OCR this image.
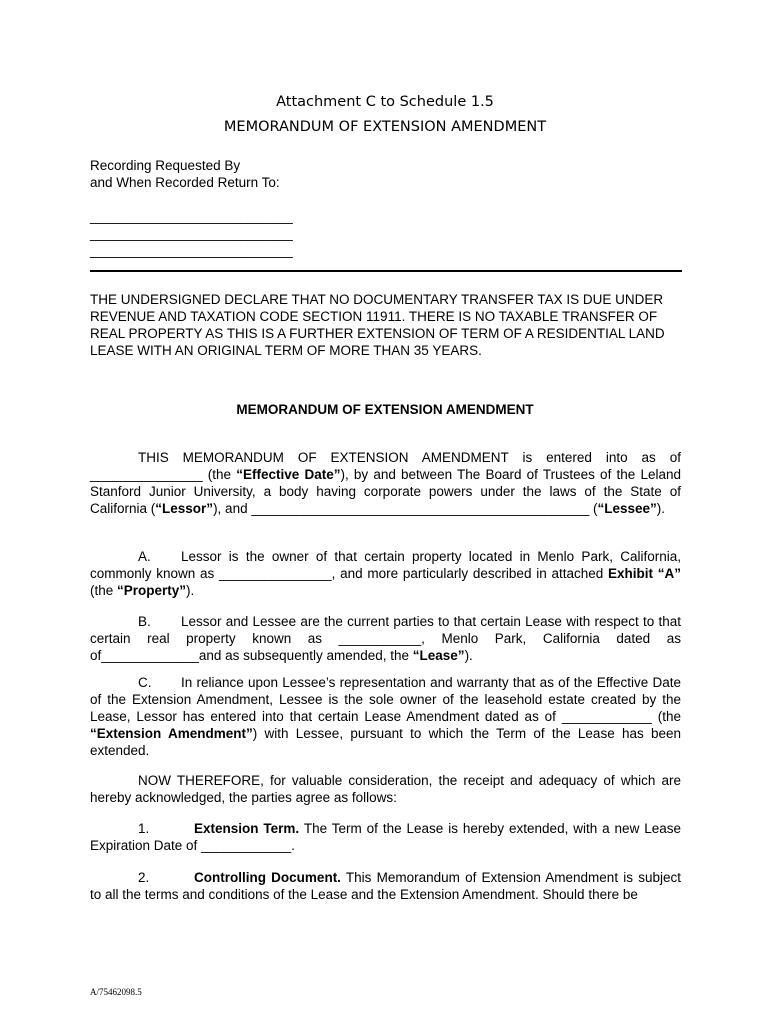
Attachment C to Schedule 1.5
MEMORANDUM OF EXTENSION AMENDMENT
Recording Requested By
and When Recorded Return To:
___________________________
___________________________
___________________________
THE UNDERSIGNED DECLARE THAT NO DOCUMENTARY TRANSFER TAX IS DUE UNDER REVENUE AND TAXATION CODE SECTION 11911. THERE IS NO TAXABLE TRANSFER OF REAL PROPERTY AS THIS IS A FURTHER EXTENSION OF TERM OF A RESIDENTIAL LAND LEASE WITH AN ORIGINAL TERM OF MORE THAN 35 YEARS.
MEMORANDUM OF EXTENSION AMENDMENT
THIS MEMORANDUM OF EXTENSION AMENDMENT is entered into as of _______________ (the “Effective Date”), by and between The Board of Trustees of the Leland Stanford Junior University, a body having corporate powers under the laws of the State of California (“Lessor”), and _____________________________________________ (“Lessee”).
A. Lessor is the owner of that certain property located in Menlo Park, California, commonly known as _______________, and more particularly described in attached Exhibit “A” (the “Property”).
B. Lessor and Lessee are the current parties to that certain Lease with respect to that certain real property known as ___________, Menlo Park, California dated as of_____________and as subsequently amended, the “Lease”).
C. In reliance upon Lessee’s representation and warranty that as of the Effective Date of the Extension Amendment, Lessee is the sole owner of the leasehold estate created by the Lease, Lessor has entered into that certain Lease Amendment dated as of ____________ (the “Extension Amendment”) with Lessee, pursuant to which the Term of the Lease has been extended.
NOW THEREFORE, for valuable consideration, the receipt and adequacy of which are hereby acknowledged, the parties agree as follows:
1.	Extension Term. The Term of the Lease is hereby extended, with a new Lease Expiration Date of ____________.
2.	Controlling Document. This Memorandum of Extension Amendment is subject to all the terms and conditions of the Lease and the Extension Amendment. Should there be
A/75462098.5
